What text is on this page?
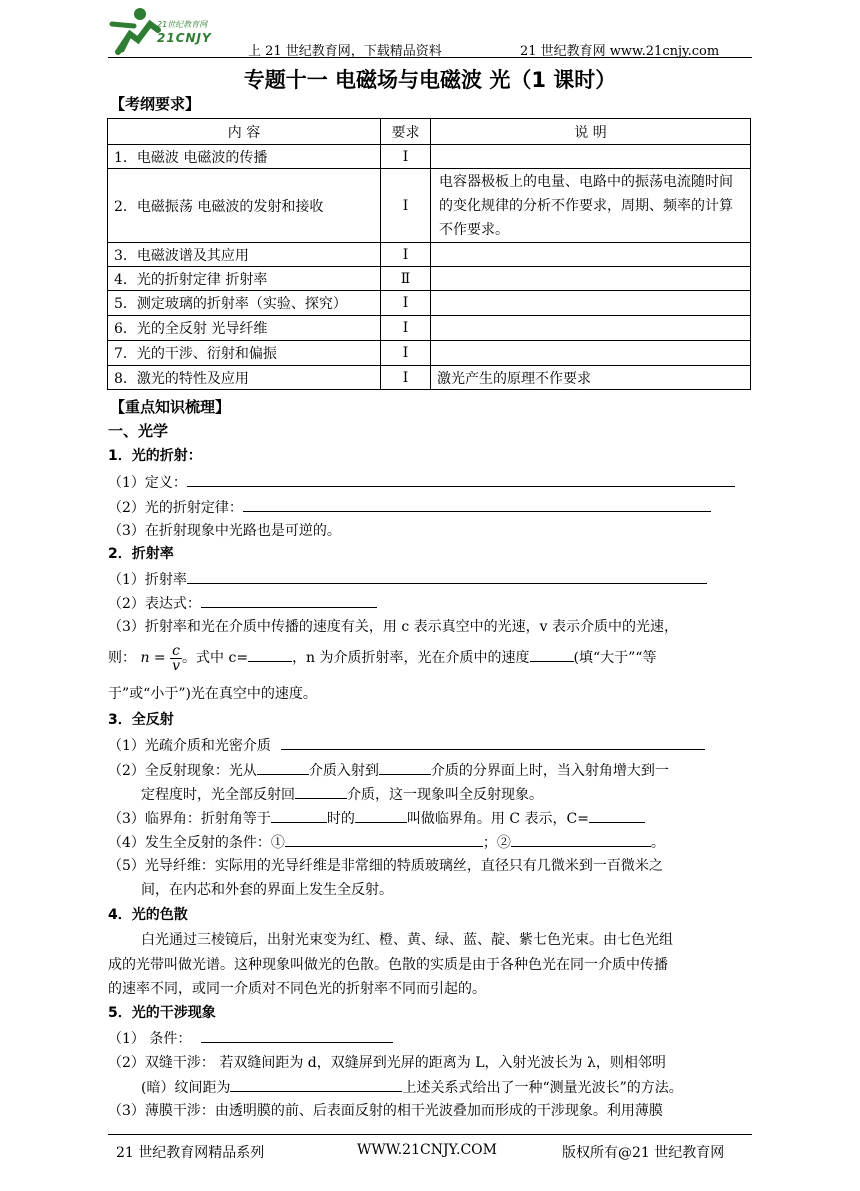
21世纪教育网
21CNJY
上 21 世纪教育网，下载精品资料	21 世纪教育网 www.21cnjy.com
专题十一 电磁场与电磁波 光（1 课时）
【考纲要求】
内 容	要求	说 明
1．电磁波 电磁波的传播	Ⅰ	
2．电磁振荡 电磁波的发射和接收	Ⅰ	电容器极板上的电量、电路中的振荡电流随时间的变化规律的分析不作要求，周期、频率的计算不作要求。
3．电磁波谱及其应用	Ⅰ	
4．光的折射定律 折射率	Ⅱ	
5．测定玻璃的折射率（实验、探究）	Ⅰ	
6．光的全反射 光导纤维	Ⅰ	
7．光的干涉、衍射和偏振	Ⅰ	
8．激光的特性及应用	Ⅰ	激光产生的原理不作要求
【重点知识梳理】
一、光学
1．光的折射：
（1）定义：
（2）光的折射定律：
（3）在折射现象中光路也是可逆的。
2．折射率
（1）折射率
（2）表达式：
（3）折射率和光在介质中传播的速度有关，用 c 表示真空中的光速，v 表示介质中的光速，
则： $n = \frac{c}{v}$ 。式中 c=	，n 为介质折射率，光在介质中的速度	(填“大于”“等
于”或“小于”)光在真空中的速度。
3．全反射
（1）光疏介质和光密介质
（2）全反射现象：光从	介质入射到	介质的分界面上时，当入射角增大到一
定程度时，光全部反射回	介质，这一现象叫全反射现象。
（3）临界角：折射角等于	时的	叫做临界角。用 C 表示，C=
（4）发生全反射的条件：①	；②	。
（5）光导纤维：实际用的光导纤维是非常细的特质玻璃丝，直径只有几微米到一百微米之
间，在内芯和外套的界面上发生全反射。
4．光的色散
白光通过三棱镜后，出射光束变为红、橙、黄、绿、蓝、靛、紫七色光束。由七色光组
成的光带叫做光谱。这种现象叫做光的色散。色散的实质是由于各种色光在同一介质中传播
的速率不同，或同一介质对不同色光的折射率不同而引起的。
5．光的干涉现象
（1） 条件：
（2）双缝干涉： 若双缝间距为 d，双缝屏到光屏的距离为 L，入射光波长为 λ，则相邻明
(暗）纹间距为	上述关系式给出了一种“测量光波长”的方法。
（3）薄膜干涉：由透明膜的前、后表面反射的相干光波叠加而形成的干涉现象。利用薄膜
21 世纪教育网精品系列	WWW.21CNJY.COM	版权所有@21 世纪教育网
